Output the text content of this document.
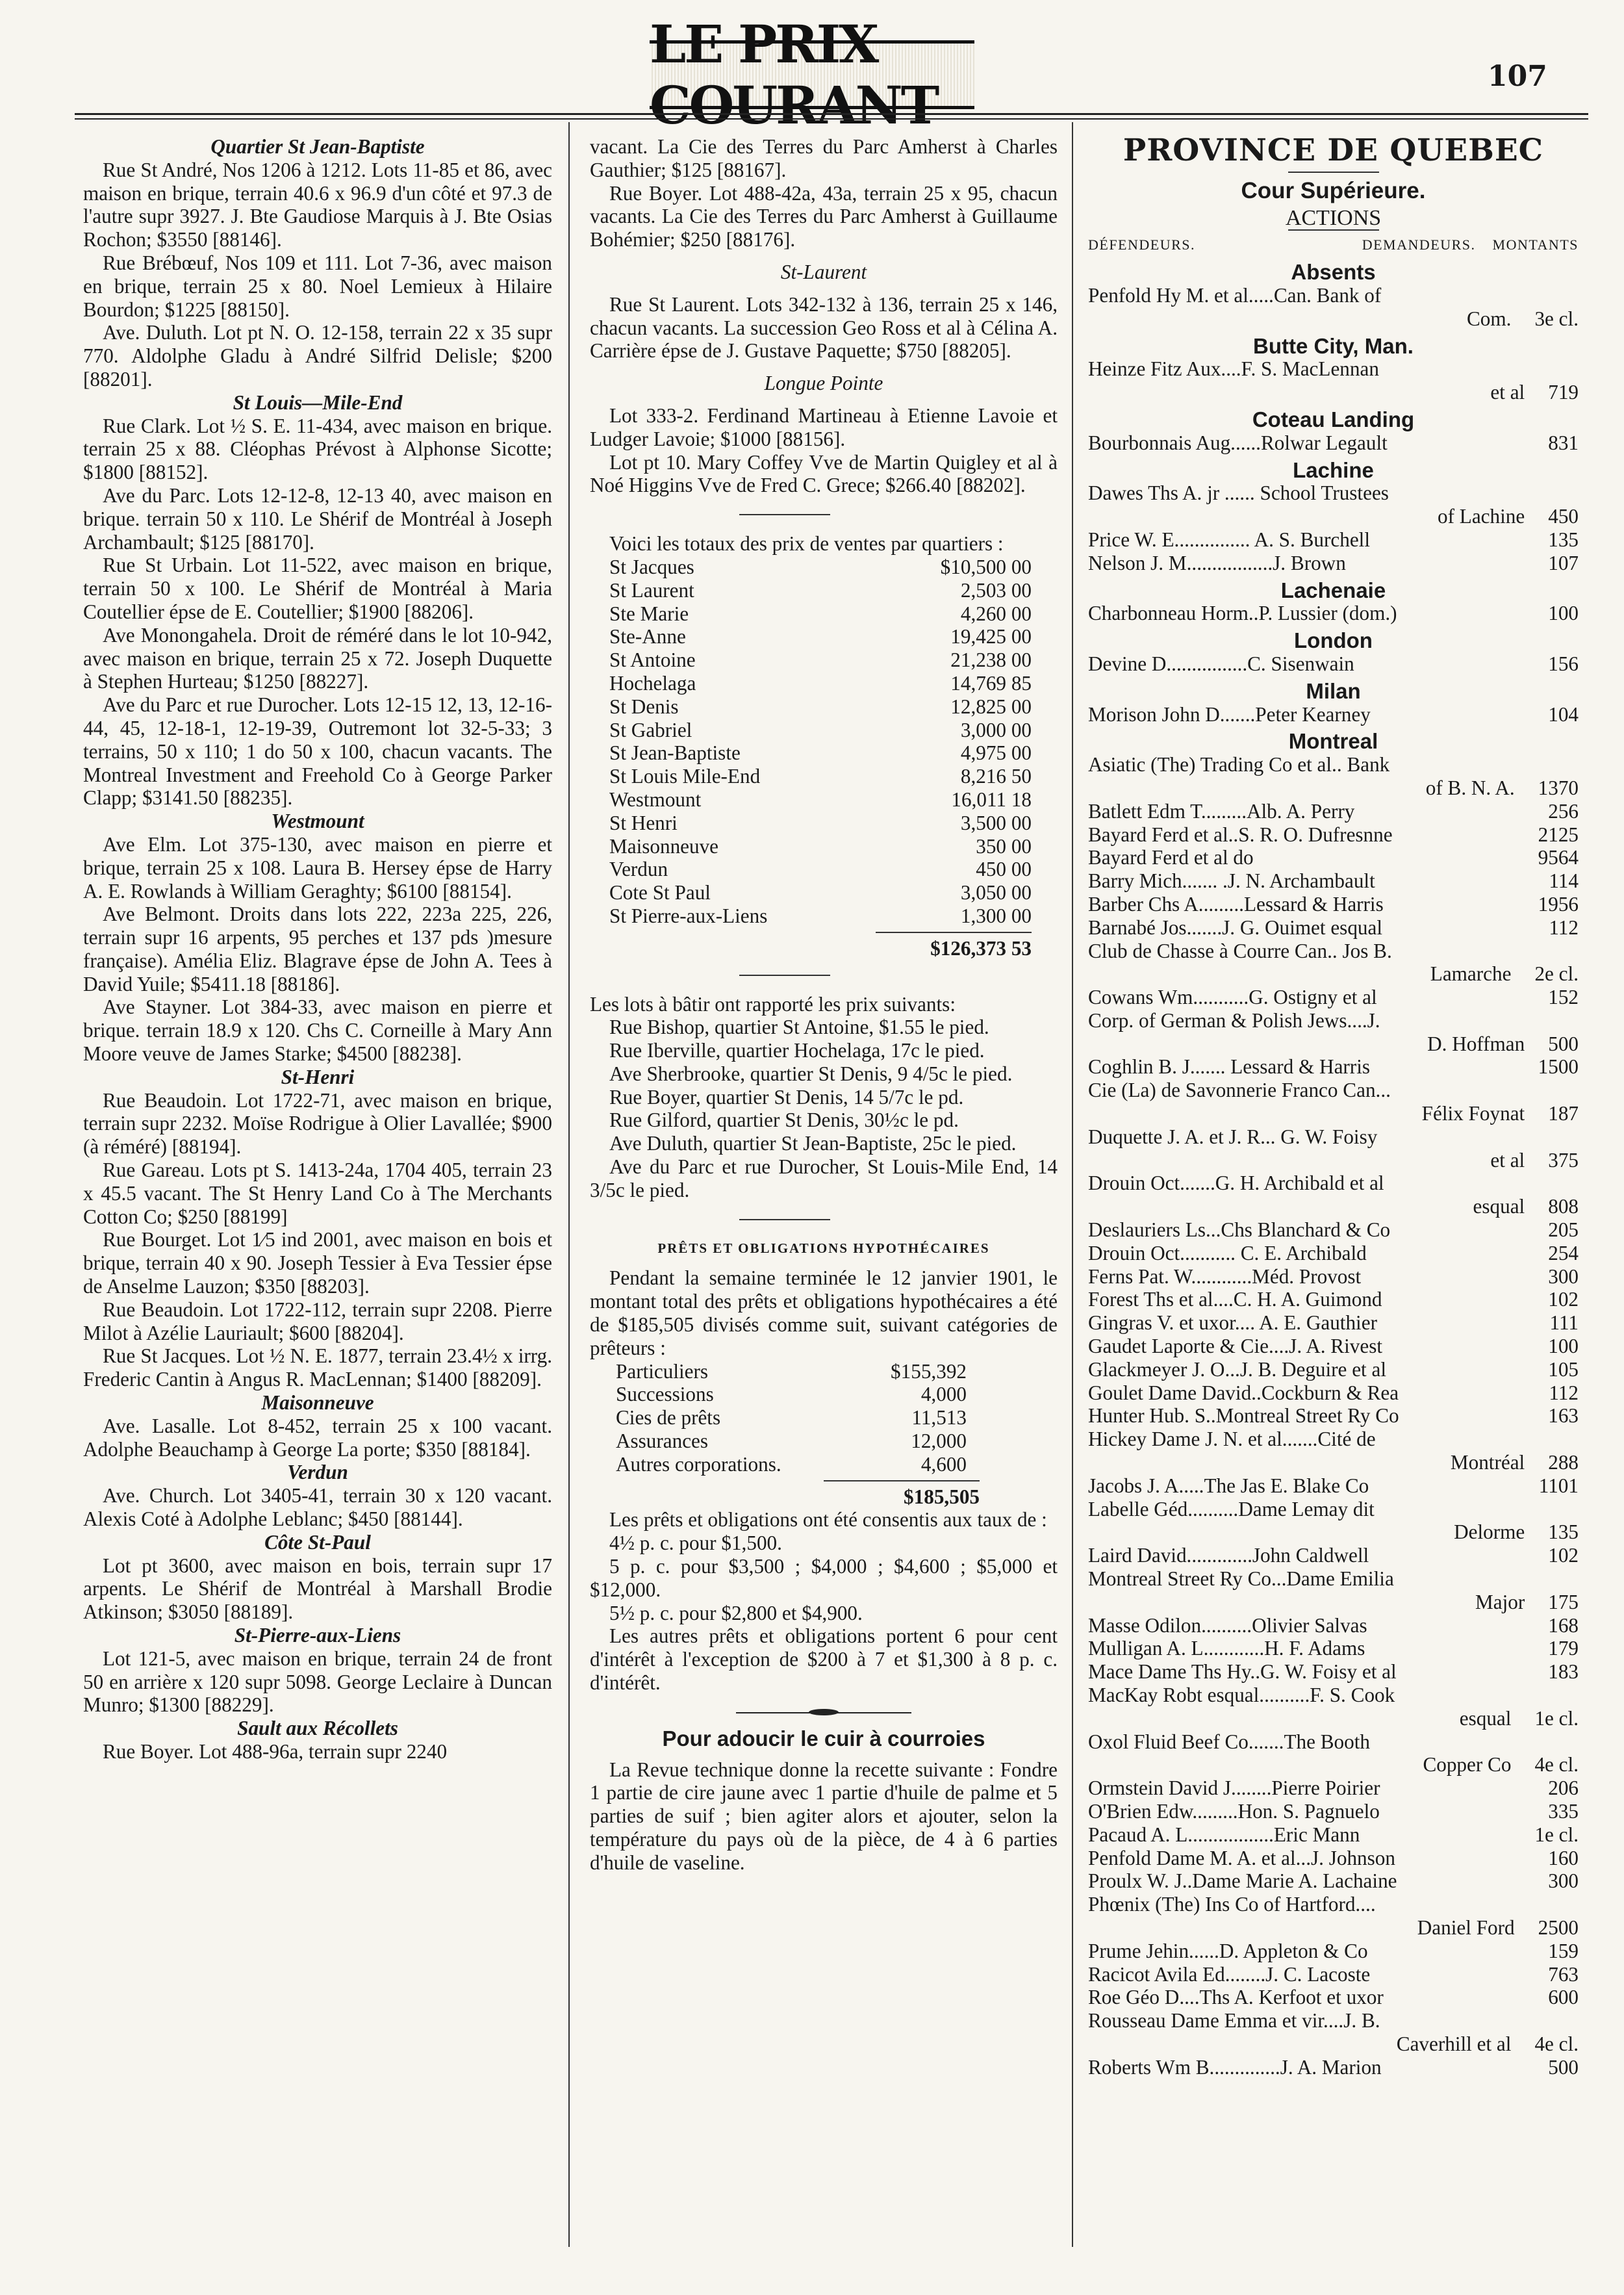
LE PRIX COURANT	107
Quartier St Jean-Baptiste

Rue St André, Nos 1206 à 1212. Lots 11-85 et 86, avec maison en brique, terrain 40.6 x 96.9 d'un côté et 97.3 de l'autre supr 3927. J. Bte Gaudiose Marquis à J. Bte Osias Rochon; $3550 [88146].

Rue Brébœuf, Nos 109 et 111. Lot 7-36, avec maison en brique, terrain 25 x 80. Noel Lemieux à Hilaire Bourdon; $1225 [88150].

Ave. Duluth. Lot pt N. O. 12-158, terrain 22 x 35 supr 770. Aldolphe Gladu à André Silfrid Delisle; $200 [88201].

St Louis—Mile-End

Rue Clark. Lot ½ S. E. 11-434, avec maison en brique. terrain 25 x 88. Cléophas Prévost à Alphonse Sicotte; $1800 [88152].

Ave du Parc. Lots 12-12-8, 12-13 40, avec maison en brique. terrain 50 x 110. Le Shérif de Montréal à Joseph Archambault; $125 [88170].

Rue St Urbain. Lot 11-522, avec maison en brique, terrain 50 x 100. Le Shérif de Montréal à Maria Coutellier épse de E. Coutellier; $1900 [88206].

Ave Monongahela. Droit de réméré dans le lot 10-942, avec maison en brique, terrain 25 x 72. Joseph Duquette à Stephen Hurteau; $1250 [88227].

Ave du Parc et rue Durocher. Lots 12-15 12, 13, 12-16-44, 45, 12-18-1, 12-19-39, Outremont lot 32-5-33; 3 terrains, 50 x 110; 1 do 50 x 100, chacun vacants. The Montreal Investment and Freehold Co à George Parker Clapp; $3141.50 [88235].

Westmount

Ave Elm. Lot 375-130, avec maison en pierre et brique, terrain 25 x 108. Laura B. Hersey épse de Harry A. E. Rowlands à William Geraghty; $6100 [88154].

Ave Belmont. Droits dans lots 222, 223a 225, 226, terrain supr 16 arpents, 95 perches et 137 pds )mesure française). Amélia Eliz. Blagrave épse de John A. Tees à David Yuile; $5411.18 [88186].

Ave Stayner. Lot 384-33, avec maison en pierre et brique. terrain 18.9 x 120. Chs C. Corneille à Mary Ann Moore veuve de James Starke; $4500 [88238].

St-Henri

Rue Beaudoin. Lot 1722-71, avec maison en brique, terrain supr 2232. Moïse Rodrigue à Olier Lavallée; $900 (à réméré) [88194].

Rue Gareau. Lots pt S. 1413-24a, 1704 405, terrain 23 x 45.5 vacant. The St Henry Land Co à The Merchants Cotton Co; $250 [88199]

Rue Bourget. Lot 1⁄5 ind 2001, avec maison en bois et brique, terrain 40 x 90. Joseph Tessier à Eva Tessier épse de Anselme Lauzon; $350 [88203].

Rue Beaudoin. Lot 1722-112, terrain supr 2208. Pierre Milot à Azélie Lauriault; $600 [88204].

Rue St Jacques. Lot ½ N. E. 1877, terrain 23.4½ x irrg. Frederic Cantin à Angus R. MacLennan; $1400 [88209].

Maisonneuve

Ave. Lasalle. Lot 8-452, terrain 25 x 100 vacant. Adolphe Beauchamp à George La porte; $350 [88184].

Verdun

Ave. Church. Lot 3405-41, terrain 30 x 120 vacant. Alexis Coté à Adolphe Leblanc; $450 [88144].

Côte St-Paul

Lot pt 3600, avec maison en bois, terrain supr 17 arpents. Le Shérif de Montréal à Marshall Brodie Atkinson; $3050 [88189].

St-Pierre-aux-Liens

Lot 121-5, avec maison en brique, terrain 24 de front 50 en arrière x 120 supr 5098. George Leclaire à Duncan Munro; $1300 [88229].

Sault aux Récollets

Rue Boyer. Lot 488-96a, terrain supr 2240

vacant. La Cie des Terres du Parc Amherst à Charles Gauthier; $125 [88167].

Rue Boyer. Lot 488-42a, 43a, terrain 25 x 95, chacun vacants. La Cie des Terres du Parc Amherst à Guillaume Bohémier; $250 [88176].

St-Laurent

Rue St Laurent. Lots 342-132 à 136, terrain 25 x 146, chacun vacants. La succession Geo Ross et al à Célina A. Carrière épse de J. Gustave Paquette; $750 [88205].

Longue Pointe

Lot 333-2. Ferdinand Martineau à Etienne Lavoie et Ludger Lavoie; $1000 [88156].

Lot pt 10. Mary Coffey Vve de Martin Quigley et al à Noé Higgins Vve de Fred C. Grece; $266.40 [88202].

Voici les totaux des prix de ventes par quartiers :

St Jacques	$10,500 00
St Laurent	2,503 00
Ste Marie	4,260 00
Ste-Anne	19,425 00
St Antoine	21,238 00
Hochelaga	14,769 85
St Denis	12,825 00
St Gabriel	3,000 00
St Jean-Baptiste	4,975 00
St Louis Mile-End	8,216 50
Westmount	16,011 18
St Henri	3,500 00
Maisonneuve	350 00
Verdun	450 00
Cote St Paul	3,050 00
St Pierre-aux-Liens	1,300 00
$126,373 53

Les lots à bâtir ont rapporté les prix suivants:

Rue Bishop, quartier St Antoine, $1.55 le pied.

Rue Iberville, quartier Hochelaga, 17c le pied.

Ave Sherbrooke, quartier St Denis, 9 4/5c le pied.

Rue Boyer, quartier St Denis, 14 5/7c le pd.

Rue Gilford, quartier St Denis, 30½c le pd.

Ave Duluth, quartier St Jean-Baptiste, 25c le pied.

Ave du Parc et rue Durocher, St Louis-Mile End, 14 3/5c le pied.

PRÊTS ET OBLIGATIONS HYPOTHÉCAIRES

Pendant la semaine terminée le 12 janvier 1901, le montant total des prêts et obligations hypothécaires a été de $185,505 divisés comme suit, suivant catégories de prêteurs :

Particuliers	$155,392
Successions	4,000
Cies de prêts	11,513
Assurances	12,000
Autres corporations.	4,600
$185,505

Les prêts et obligations ont été consentis aux taux de :

4½ p. c. pour $1,500.

5 p. c. pour $3,500 ; $4,000 ; $4,600 ; $5,000 et $12,000.

5½ p. c. pour $2,800 et $4,900.

Les autres prêts et obligations portent 6 pour cent d'intérêt à l'exception de $200 à 7 et $1,300 à 8 p. c. d'intérêt.

Pour adoucir le cuir à courroies

La Revue technique donne la recette suivante : Fondre 1 partie de cire jaune avec 1 partie d'huile de palme et 5 parties de suif ; bien agiter alors et ajouter, selon la température du pays où de la pièce, de 4 à 6 parties d'huile de vaseline.

PROVINCE DE QUEBEC
Cour Supérieure.
ACTIONS
DÉFENDEURS.	DEMANDEURS. MONTANTS
Absents
Penfold Hy M. et al.....Can. Bank of
Com.	3e cl.
Butte City, Man.
Heinze Fitz Aux....F. S. MacLennan
et al	719
Coteau Landing
Bourbonnais Aug......Rolwar Legault	831
Lachine
Dawes Ths A. jr ...... School Trustees
of Lachine	450
Price W. E............... A. S. Burchell	135
Nelson J. M.................J. Brown	107
Lachenaie
Charbonneau Horm..P. Lussier (dom.)	100
London
Devine D................C. Sisenwain	156
Milan
Morison John D.......Peter Kearney	104
Montreal
Asiatic (The) Trading Co et al.. Bank
of B. N. A.	1370
Batlett Edm T.........Alb. A. Perry	256
Bayard Ferd et al..S. R. O. Dufresnne	2125
Bayard Ferd et al do	9564
Barry Mich....... .J. N. Archambault	114
Barber Chs A.........Lessard & Harris	1956
Barnabé Jos.......J. G. Ouimet esqual	112
Club de Chasse à Courre Can.. Jos B.
Lamarche	2e cl.
Cowans Wm...........G. Ostigny et al	152
Corp. of German & Polish Jews....J.
D. Hoffman	500
Coghlin B. J....... Lessard & Harris	1500
Cie (La) de Savonnerie Franco Can...
Félix Foynat	187
Duquette J. A. et J. R... G. W. Foisy
et al	375
Drouin Oct.......G. H. Archibald et al
esqual	808
Deslauriers Ls...Chs Blanchard & Co	205
Drouin Oct........... C. E. Archibald	254
Ferns Pat. W............Méd. Provost	300
Forest Ths et al....C. H. A. Guimond	102
Gingras V. et uxor.... A. E. Gauthier	111
Gaudet Laporte & Cie....J. A. Rivest	100
Glackmeyer J. O...J. B. Deguire et al	105
Goulet Dame David..Cockburn & Rea	112
Hunter Hub. S..Montreal Street Ry Co	163
Hickey Dame J. N. et al.......Cité de
Montréal	288
Jacobs J. A.....The Jas E. Blake Co	1101
Labelle Géd..........Dame Lemay dit
Delorme	135
Laird David.............John Caldwell	102
Montreal Street Ry Co...Dame Emilia
Major	175
Masse Odilon..........Olivier Salvas	168
Mulligan A. L............H. F. Adams	179
Mace Dame Ths Hy..G. W. Foisy et al	183
MacKay Robt esqual..........F. S. Cook
esqual	1e cl.
Oxol Fluid Beef Co.......The Booth
Copper Co	4e cl.
Ormstein David J........Pierre Poirier	206
O'Brien Edw.........Hon. S. Pagnuelo	335
Pacaud A. L.................Eric Mann	1e cl.
Penfold Dame M. A. et al...J. Johnson	160
Proulx W. J..Dame Marie A. Lachaine	300
Phœnix (The) Ins Co of Hartford....
Daniel Ford	2500
Prume Jehin......D. Appleton & Co	159
Racicot Avila Ed........J. C. Lacoste	763
Roe Géo D....Ths A. Kerfoot et uxor	600
Rousseau Dame Emma et vir....J. B.
Caverhill et al	4e cl.
Roberts Wm B..............J. A. Marion	500
